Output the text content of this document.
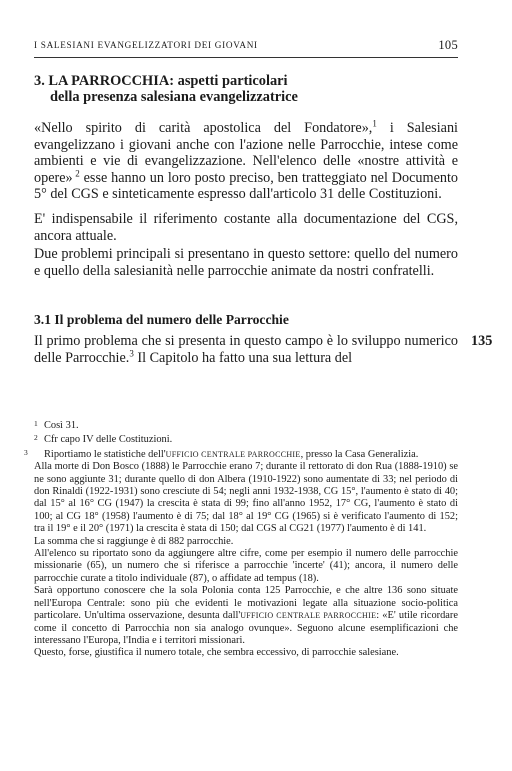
I SALESIANI EVANGELIZZATORI DEI GIOVANI	105
3. LA PARROCCHIA: aspetti particolari
della presenza salesiana evangelizzatrice
«Nello spirito di carità apostolica del Fondatore»,$^1$ i Salesiani evangelizzano i giovani anche con l'azione nelle Parrocchie, intese come ambienti e vie di evangelizzazione. Nell'elenco delle «nostre attività e opere» $^2$ esse hanno un loro posto preciso, ben tratteggiato nel Documento 5° del CGS e sinteticamente espresso dall'articolo 31 delle Costituzioni.
E' indispensabile il riferimento costante alla documentazione del CGS, ancora attuale.
Due problemi principali si presentano in questo settore: quello del numero e quello della salesianità nelle parrocchie animate da nostri confratelli.
3.1 Il problema del numero delle Parrocchie
Il primo problema che si presenta in questo campo è lo sviluppo numerico delle Parrocchie.$^3$ Il Capitolo ha fatto una sua lettura del
135

1 Così 31.

2 Cfr capo IV delle Costituzioni.

3 Riportiamo le statistiche dell'UFFICIO CENTRALE PARROCCHIE, presso la Casa Generalizia.

Alla morte di Don Bosco (1888) le Parrocchie erano 7; durante il rettorato di don Rua (1888-1910) se ne sono aggiunte 31; durante quello di don Albera (1910-1922) sono aumentate di 33; nel periodo di don Rinaldi (1922-1931) sono cresciute di 54; negli anni 1932-1938, CG 15°, l'aumento è stato di 40; dal 15° al 16° CG (1947) la crescita è stata di 99; fino all'anno 1952, 17° CG, l'aumento è stato di 100; al CG 18° (1958) l'aumento è di 75; dal 18° al 19° CG (1965) si è verificato l'aumento di 152; tra il 19° e il 20° (1971) la crescita è stata di 150; dal CGS al CG21 (1977) l'aumento è di 141.

La somma che si raggiunge è di 882 parrocchie.

All'elenco su riportato sono da aggiungere altre cifre, come per esempio il numero delle parrocchie missionarie (65), un numero che si riferisce a parrocchie 'incerte' (41); ancora, il numero delle parrocchie curate a titolo individuale (87), o affidate ad tempus (18).

Sarà opportuno conoscere che la sola Polonia conta 125 Parrocchie, e che altre 136 sono situate nell'Europa Centrale: sono più che evidenti le motivazioni legate alla situazione socio-politica particolare. Un'ultima osservazione, desunta dall'UFFICIO CENTRALE PARROCCHIE: «E' utile ricordare come il concetto di Parrocchia non sia analogo ovunque». Seguono alcune esemplificazioni che interessano l'Europa, l'India e i territori missionari.

Questo, forse, giustifica il numero totale, che sembra eccessivo, di parrocchie salesiane.
